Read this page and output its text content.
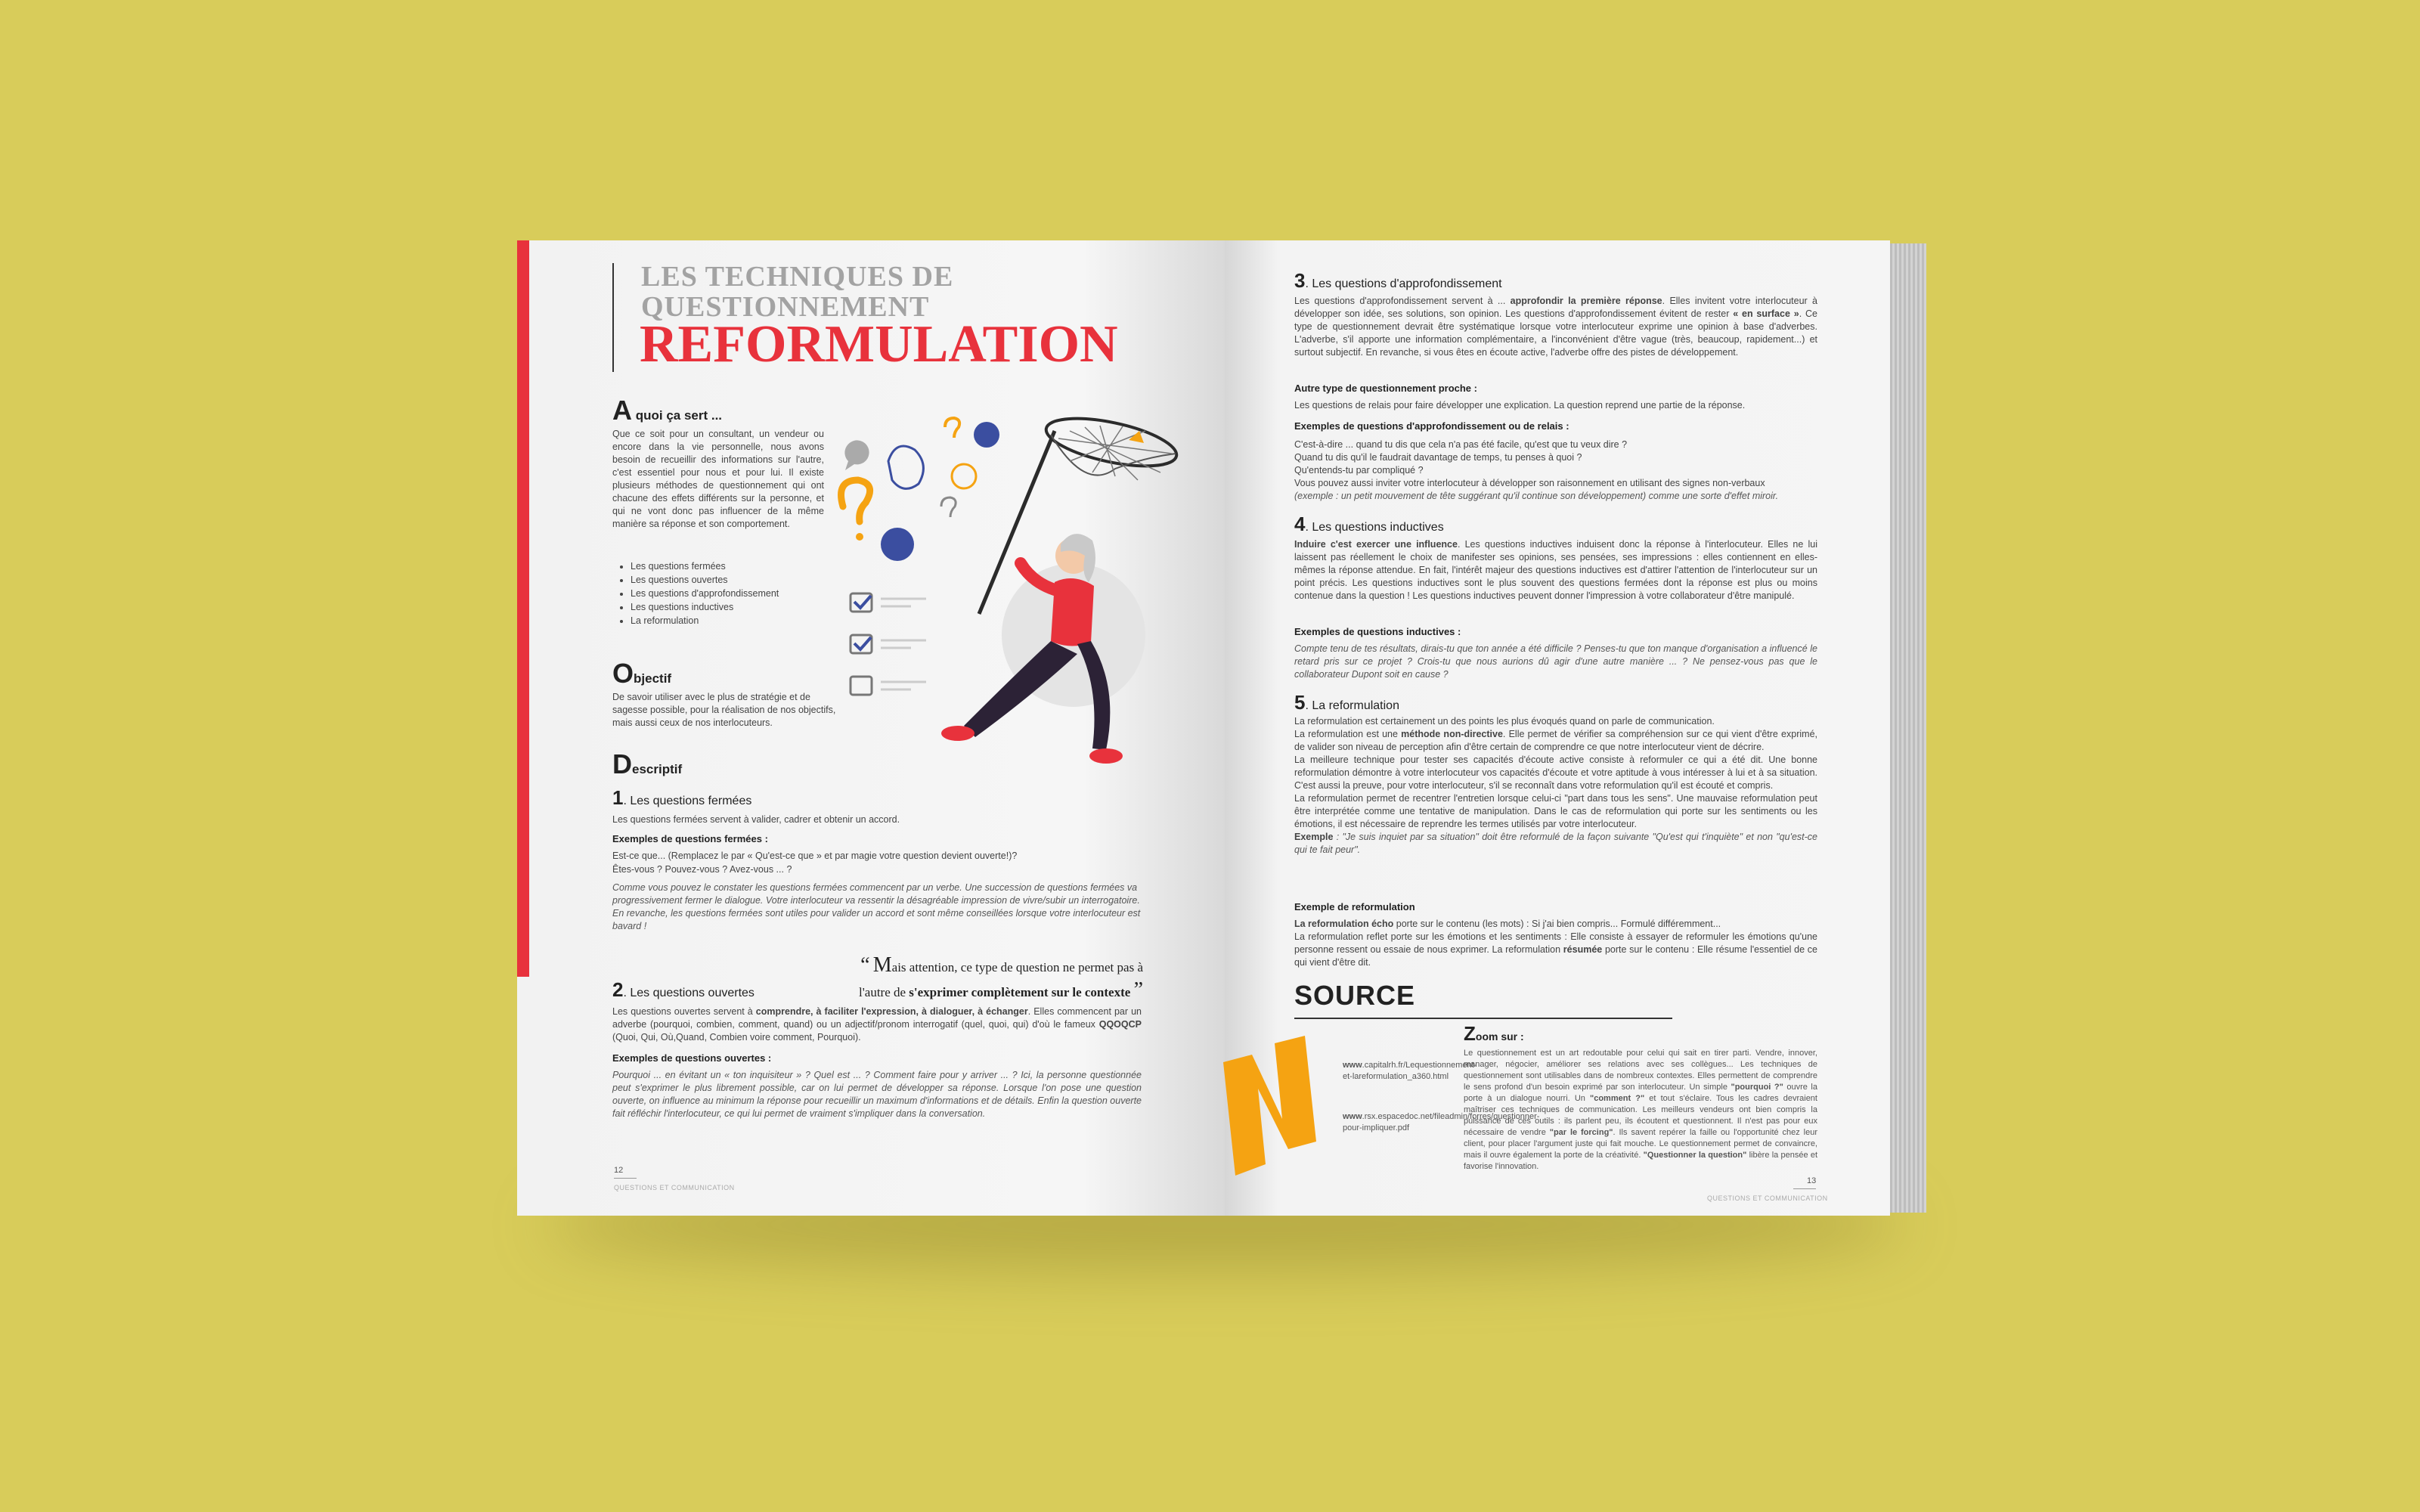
LES TECHNIQUES DE
QUESTIONNEMENT
REFORMULATION
A quoi ça sert ...
Que ce soit pour un consultant, un vendeur ou encore dans la vie personnelle, nous avons besoin de recueillir des informations sur l'autre, c'est essentiel pour nous et pour lui. Il existe plusieurs méthodes de questionnement qui ont chacune des effets différents sur la personne, et qui ne vont donc pas influencer de la même manière sa réponse et son comportement.
• Les questions fermées
• Les questions ouvertes
• Les questions d'approfondissement
• Les questions inductives
• La reformulation
Objectif
De savoir utiliser avec le plus de stratégie et de sagesse possible, pour la réalisation de nos objectifs, mais aussi ceux de nos interlocuteurs.
Descriptif
1. Les questions fermées
Les questions fermées servent à valider, cadrer et obtenir un accord.
Exemples de questions fermées :
Est-ce que... (Remplacez le par « Qu'est-ce que » et par magie votre question devient ouverte!)?
Êtes-vous ? Pouvez-vous ? Avez-vous ... ?
Comme vous pouvez le constater les questions fermées commencent par un verbe. Une succession de questions fermées va progressivement fermer le dialogue. Votre interlocuteur va ressentir la désagréable impression de vivre/subir un interrogatoire. En revanche, les questions fermées sont utiles pour valider un accord et sont même conseillées lorsque votre interlocuteur est bavard !
“ Mais attention, ce type de question ne permet pas à
l'autre de s'exprimer complètement sur le contexte ”
2. Les questions ouvertes
Les questions ouvertes servent à comprendre, à faciliter l'expression, à dialoguer, à échanger. Elles commencent par un adverbe (pourquoi, combien, comment, quand) ou un adjectif/pronom interrogatif (quel, quoi, qui) d'où le fameux QQOQCP (Quoi, Qui, Où,Quand, Combien voire comment, Pourquoi).
Exemples de questions ouvertes :
Pourquoi ... en évitant un « ton inquisiteur » ? Quel est ... ? Comment faire pour y arriver ... ? Ici, la personne questionnée peut s'exprimer le plus librement possible, car on lui permet de développer sa réponse. Lorsque l'on pose une question ouverte, on influence au minimum la réponse pour recueillir un maximum d'informations et de détails. Enfin la question ouverte fait réfléchir l'interlocuteur, ce qui lui permet de vraiment s'impliquer dans la conversation.
12
QUESTIONS ET COMMUNICATION
3. Les questions d'approfondissement
Les questions d'approfondissement servent à ... approfondir la première réponse. Elles invitent votre interlocuteur à développer son idée, ses solutions, son opinion. Les questions d'approfondissement évitent de rester « en surface ». Ce type de questionnement devrait être systématique lorsque votre interlocuteur exprime une opinion à base d'adverbes. L'adverbe, s'il apporte une information complémentaire, a l'inconvénient d'être vague (très, beaucoup, rapidement...) et surtout subjectif. En revanche, si vous êtes en écoute active, l'adverbe offre des pistes de développement.
Autre type de questionnement proche :
Les questions de relais pour faire développer une explication. La question reprend une partie de la réponse.
Exemples de questions d'approfondissement ou de relais :
C'est-à-dire ... quand tu dis que cela n'a pas été facile, qu'est que tu veux dire ?
Quand tu dis qu'il le faudrait davantage de temps, tu penses à quoi ?
Qu'entends-tu par compliqué ?
Vous pouvez aussi inviter votre interlocuteur à développer son raisonnement en utilisant des signes non-verbaux
(exemple : un petit mouvement de tête suggérant qu'il continue son développement) comme une sorte d'effet miroir.
4. Les questions inductives
Induire c'est exercer une influence. Les questions inductives induisent donc la réponse à l'interlocuteur. Elles ne lui laissent pas réellement le choix de manifester ses opinions, ses pensées, ses impressions : elles contiennent en elles-mêmes la réponse attendue. En fait, l'intérêt majeur des questions inductives est d'attirer l'attention de l'interlocuteur sur un point précis. Les questions inductives sont le plus souvent des questions fermées dont la réponse est plus ou moins contenue dans la question ! Les questions inductives peuvent donner l'impression à votre collaborateur d'être manipulé.
Exemples de questions inductives :
Compte tenu de tes résultats, dirais-tu que ton année a été difficile ? Penses-tu que ton manque d'organisation a influencé le retard pris sur ce projet ? Crois-tu que nous aurions dû agir d'une autre manière ... ? Ne pensez-vous pas que le collaborateur Dupont soit en cause ?
5. La reformulation
La reformulation est certainement un des points les plus évoqués quand on parle de communication.
La reformulation est une méthode non-directive. Elle permet de vérifier sa compréhension sur ce qui vient d'être exprimé, de valider son niveau de perception afin d'être certain de comprendre ce que notre interlocuteur vient de décrire.
La meilleure technique pour tester ses capacités d'écoute active consiste à reformuler ce qui a été dit. Une bonne reformulation démontre à votre interlocuteur vos capacités d'écoute et votre aptitude à vous intéresser à lui et à sa situation. C'est aussi la preuve, pour votre interlocuteur, s'il se reconnaît dans votre reformulation qu'il est écouté et compris.
La reformulation permet de recentrer l'entretien lorsque celui-ci "part dans tous les sens". Une mauvaise reformulation peut être interprétée comme une tentative de manipulation. Dans le cas de reformulation qui porte sur les sentiments ou les émotions, il est nécessaire de reprendre les termes utilisés par votre interlocuteur.
Exemple : "Je suis inquiet par sa situation" doit être reformulé de la façon suivante "Qu'est qui t'inquiète" et non "qu'est-ce qui te fait peur".
Exemple de reformulation
La reformulation écho porte sur le contenu (les mots) : Si j'ai bien compris... Formulé différemment...
La reformulation reflet porte sur les émotions et les sentiments : Elle consiste à essayer de reformuler les émotions qu'une personne ressent ou essaie de nous exprimer. La reformulation résumée porte sur le contenu : Elle résume l'essentiel de ce qui vient d'être dit.
SOURCE
www.capitalrh.fr/Lequestionnement-et-lareformulation_a360.html
www.rsx.espacedoc.net/fileadmin/forres/questionner-pour-impliquer.pdf
Zoom sur :
Le questionnement est un art redoutable pour celui qui sait en tirer parti. Vendre, innover, manager, négocier, améliorer ses relations avec ses collègues... Les techniques de questionnement sont utilisables dans de nombreux contextes. Elles permettent de comprendre le sens profond d'un besoin exprimé par son interlocuteur. Un simple "pourquoi ?" ouvre la porte à un dialogue nourri. Un "comment ?" et tout s'éclaire. Tous les cadres devraient maîtriser ces techniques de communication. Les meilleurs vendeurs ont bien compris la puissance de ces outils : ils parlent peu, ils écoutent et questionnent. Il n'est pas pour eux nécessaire de vendre "par le forcing". Ils savent repérer la faille ou l'opportunité chez leur client, pour placer l'argument juste qui fait mouche. Le questionnement permet de convaincre, mais il ouvre également la porte de la créativité. "Questionner la question" libère la pensée et favorise l'innovation.
13
QUESTIONS ET COMMUNICATION
